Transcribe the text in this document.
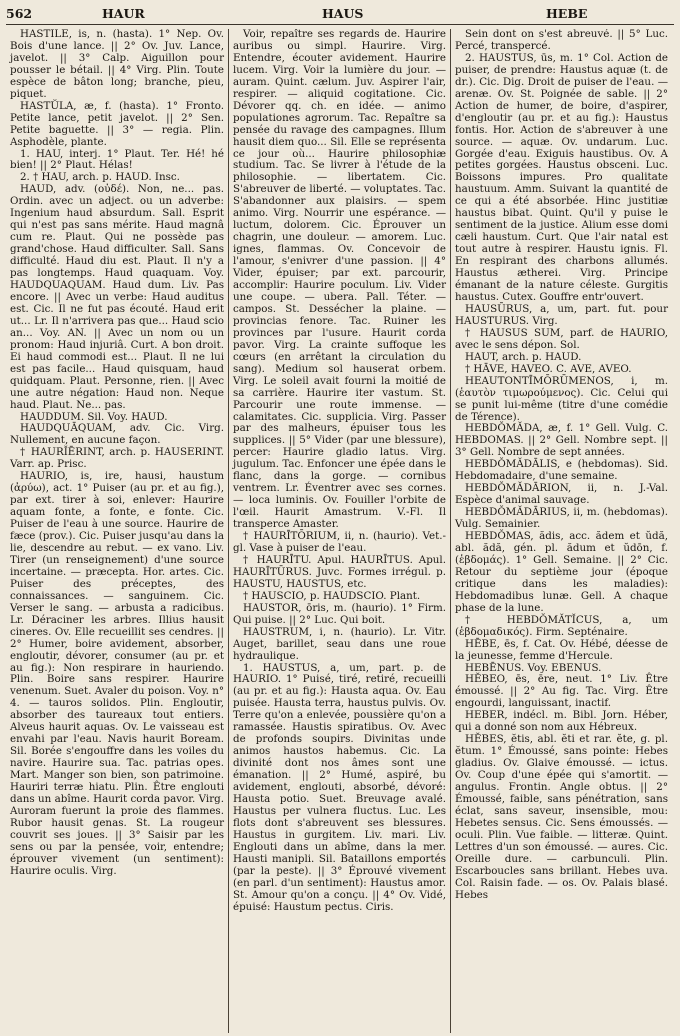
562	HAUR	HAUS	HEBE

HASTĪLE, is, n. (hasta). 1° Nep. Ov. Bois d'une lance. || 2° Ov. Juv. Lance, javelot. || 3° Calp. Aiguillon pour pousser le bétail. || 4° Virg. Plin. Toute espèce de bâton long; branche, pieu, piquet.

HASTŬLA, æ, f. (hasta). 1° Fronto. Petite lance, petit javelot. || 2° Sen. Petite baguette. || 3° — regia. Plin. Asphodèle, plante.

1. HAU, interj. 1° Plaut. Ter. Hé! hé bien! || 2° Plaut. Hélas!

2. † HAU, arch. p. HAUD. Insc.

HAUD, adv. (οὐδέ). Non, ne... pas. Ordin. avec un adject. ou un adverbe: Ingenium haud absurdum. Sall. Esprit qui n'est pas sans mérite. Haud magnâ cum re. Plaut. Qui ne possède pas grand'chose. Haud difficulter. Sall. Sans difficulté. Haud diu est. Plaut. Il n'y a pas longtemps. Haud quaquam. Voy. HAUDQUAQUAM. Haud dum. Liv. Pas encore. || Avec un verbe: Haud auditus est. Cic. Il ne fut pas écouté. Haud erit ut... Lr. Il n'arrivera pas que... Haud scio an... Voy. AN. || Avec un nom ou un pronom: Haud injuriâ. Curt. A bon droit. Ei haud commodi est... Plaut. Il ne lui est pas facile... Haud quisquam, haud quidquam. Plaut. Personne, rien. || Avec une autre négation: Haud non. Neque haud. Plaut. Ne... pas.

HAUDDUM. Sil. Voy. HAUD.

HAUDQUĀQUAM, adv. Cic. Virg. Nullement, en aucune façon.

† HAURĬĒRINT, arch. p. HAUSERINT. Varr. ap. Prisc.

HAURIO, is, ire, hausi, haustum (ἀρύω), act. 1° Puiser (au pr. et au fig.), par ext. tirer à soi, enlever: Haurire aquam fonte, a fonte, e fonte. Cic. Puiser de l'eau à une source. Haurire de fæce (prov.). Cic. Puiser jusqu'au dans la lie, descendre au rebut. — ex vano. Liv. Tirer (un renseignement) d'une source incertaine. — præcepta. Hor. artes. Cic. Puiser des préceptes, des connaissances. — sanguinem. Cic. Verser le sang. — arbusta a radicibus. Lr. Déraciner les arbres. Illius hausit cineres. Ov. Elle recueillit ses cendres. || 2° Humer, boire avidement, absorber, engloutir, dévorer, consumer (au pr. et au fig.): Non respirare in hauriendo. Plin. Boire sans respirer. Haurire venenum. Suet. Avaler du poison. Voy. n° 4. — tauros solidos. Plin. Engloutir, absorber des taureaux tout entiers. Alveus haurit aquas. Ov. Le vaisseau est envahi par l'eau. Navis haurit Boream. Sil. Borée s'engouffre dans les voiles du navire. Haurire sua. Tac. patrias opes. Mart. Manger son bien, son patrimoine. Hauriri terræ hiatu. Plin. Être englouti dans un abîme. Haurit corda pavor. Virg. Auroram fuerunt la proie des flammes. Rubor hausit genas. St. La rougeur couvrit ses joues. || 3° Saisir par les sens ou par la pensée, voir, entendre; éprouver vivement (un sentiment): Haurire oculis. Virg.

Voir, repaître ses regards de. Haurire auribus ou simpl. Haurire. Virg. Entendre, écouter avidement. Haurire lucem. Virg. Voir la lumière du jour. — auram. Quint. cælum. Juv. Aspirer l'air, respirer. — aliquid cogitatione. Cic. Dévorer qq. ch. en idée. — animo populationes agrorum. Tac. Repaître sa pensée du ravage des campagnes. Illum hausit diem quo... Sil. Elle se représenta ce jour où... Haurire philosophiæ studium. Tac. Se livrer à l'étude de la philosophie. — libertatem. Cic. S'abreuver de liberté. — voluptates. Tac. S'abandonner aux plaisirs. — spem animo. Virg. Nourrir une espérance. — luctum, dolorem. Cic. Éprouver un chagrin, une douleur. — amorem. Luc. ignes, flammas. Ov. Concevoir de l'amour, s'enivrer d'une passion. || 4° Vider, épuiser; par ext. parcourir, accomplir: Haurire poculum. Liv. Vider une coupe. — ubera. Pall. Téter. — campos. St. Dessécher la plaine. — provincias fenore. Tac. Ruiner les provinces par l'usure. Haurit corda pavor. Virg. La crainte suffoque les cœurs (en arrêtant la circulation du sang). Medium sol hauserat orbem. Virg. Le soleil avait fourni la moitié de sa carrière. Haurire iter vastum. St. Parcourir une route immense. — calamitates. Cic. supplicia. Virg. Passer par des malheurs, épuiser tous les supplices. || 5° Vider (par une blessure), percer: Haurire gladio latus. Virg. jugulum. Tac. Enfoncer une épée dans le flanc, dans la gorge. — cornibus ventrem. Lr. Éventrer avec ses cornes. — loca luminis. Ov. Fouiller l'orbite de l'œil. Haurit Amastrum. V.-Fl. Il transperce Amaster.

† HAURĪTŌRIUM, ii, n. (haurio). Vet.-gl. Vase à puiser de l'eau.

† HAURĪTU. Apul. HAURĪTUS. Apul. HAURĪTŪRUS. Juvc. Formes irrégul. p. HAUSTU, HAUSTUS, etc.

† HAUSCIO, p. HAUDSCIO. Plant.

HAUSTOR, ōris, m. (haurio). 1° Firm. Qui puise. || 2° Luc. Qui boit.

HAUSTRUM, i, n. (haurio). Lr. Vitr. Auget, barillet, seau dans une roue hydraulique.

1. HAUSTUS, a, um, part. p. de HAURIO. 1° Puisé, tiré, retiré, recueilli (au pr. et au fig.): Hausta aqua. Ov. Eau puisée. Hausta terra, haustus pulvis. Ov. Terre qu'on a enlevée, poussière qu'on a ramassée. Haustis spiratibus. Ov. Avec de profonds soupirs. Divinitas unde animos haustos habemus. Cic. La divinité dont nos âmes sont une émanation. || 2° Humé, aspiré, bu avidement, englouti, absorbé, dévoré: Hausta potio. Suet. Breuvage avalé. Haustus per vulnera fluctus. Luc. Les flots dont s'abreuvent ses blessures. Haustus in gurgitem. Liv. mari. Liv. Englouti dans un abîme, dans la mer. Hausti manipli. Sil. Bataillons emportés (par la peste). || 3° Éprouvé vivement (en parl. d'un sentiment): Haustus amor. St. Amour qu'on a conçu. || 4° Ov. Vidé, épuisé: Haustum pectus. Ciris.

Sein dont on s'est abreuvé. || 5° Luc. Percé, transpercé.

2. HAUSTUS, ūs, m. 1° Col. Action de puiser, de prendre: Haustus aquæ (t. de dr.). Cic. Dig. Droit de puiser de l'eau. — arenæ. Ov. St. Poignée de sable. || 2° Action de humer, de boire, d'aspirer, d'engloutir (au pr. et au fig.): Haustus fontis. Hor. Action de s'abreuver à une source. — aquæ. Ov. undarum. Luc. Gorgée d'eau. Exiguis haustibus. Ov. A petites gorgées. Haustus obsceni. Luc. Boissons impures. Pro qualitate haustuum. Amm. Suivant la quantité de ce qui a été absorbée. Hinc justitiæ haustus bibat. Quint. Qu'il y puise le sentiment de la justice. Alium esse domi cæli haustum. Curt. Que l'air natal est tout autre à respirer. Haustu ignis. Fl. En respirant des charbons allumés. Haustus ætherei. Virg. Principe émanant de la nature céleste. Gurgitis haustus. Cutex. Gouffre entr'ouvert.

HAUSŪRUS, a, um, part. fut. pour HAUSTURUS. Virg.

† HAUSUS SUM, parf. de HAURIO, avec le sens dépon. Sol.

HAUT, arch. p. HAUD.

† HĀVE, HAVEO. C. AVE, AVEO.

HEAUTONTĪMŌRŪMENOS, i, m. (ἑαυτὸν τιμωρούμενος). Cic. Celui qui se punit lui-même (titre d'une comédie de Térence).

HEBDŎMĂDA, æ, f. 1° Gell. Vulg. C. HEBDOMAS. || 2° Gell. Nombre sept. || 3° Gell. Nombre de sept années.

HEBDŎMĂDĀLIS, e (hebdomas). Sid. Hebdomadaire, d'une semaine.

HEBDŎMĂDĀRION, ii, n. J.-Val. Espèce d'animal sauvage.

HEBDŎMĂDĀRIUS, ii, m. (hebdomas). Vulg. Semainier.

HEBDŎMAS, ădis, acc. ădem et ŭdă, abl. ădă, gén. pl. ădum et ŭdōn, f. (ἑβδομάς). 1° Gell. Semaine. || 2° Cic. Retour du septième jour (époque critique dans les maladies): Hebdomadibus lunæ. Gell. A chaque phase de la lune.

† HEBDŎMĂTĬCUS, a, um (ἑβδομαδικός). Firm. Septénaire.

HĒBE, ēs, f. Cat. Ov. Hébé, déesse de la jeunesse, femme d'Hercule.

HEBĒNUS. Voy. EBENUS.

HĔBEO, ēs, ēre, neut. 1° Liv. Être émoussé. || 2° Au fig. Tac. Virg. Être engourdi, languissant, inactif.

HEBER, indécl. m. Bibl. Jorn. Héber, qui a donné son nom aux Hébreux.

HĔBES, ĕtis, abl. ĕti et rar. ĕte, g. pl. ĕtum. 1° Émoussé, sans pointe: Hebes gladius. Ov. Glaive émoussé. — ictus. Ov. Coup d'une épée qui s'amortit. — angulus. Frontin. Angle obtus. || 2° Émoussé, faible, sans pénétration, sans éclat, sans saveur, insensible, mou: Hebetes sensus. Cic. Sens émoussés. — oculi. Plin. Vue faible. — litteræ. Quint. Lettres d'un son émoussé. — aures. Cic. Oreille dure. — carbunculi. Plin. Escarboucles sans brillant. Hebes uva. Col. Raisin fade. — os. Ov. Palais blasé. Hebes
